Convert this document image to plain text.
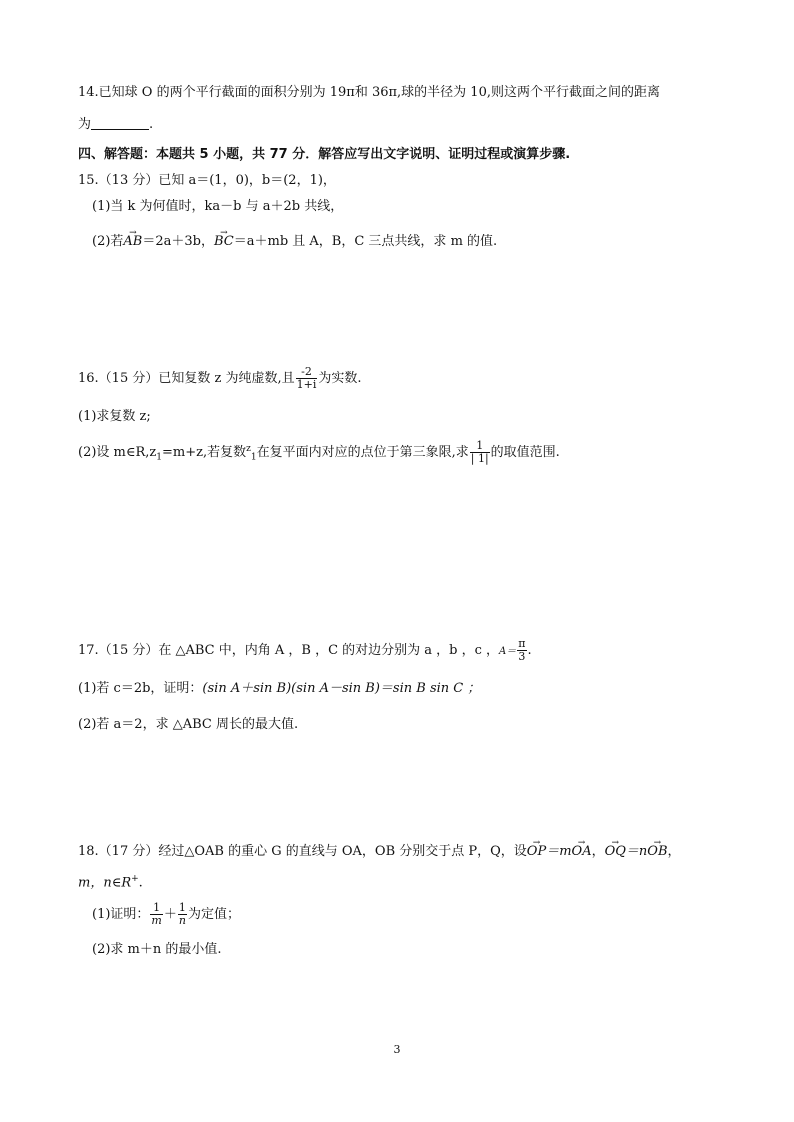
14.已知球 O 的两个平行截面的面积分别为 19π和 36π,球的半径为 10,则这两个平行截面之间的距离
为	.
四、解答题：本题共 5 小题，共 77 分．解答应写出文字说明、证明过程或演算步骤.
15.（13 分）已知 a＝(1，0)，b＝(2，1)，
(1)当 k 为何值时，ka－b 与 a＋2b 共线，
(2)若→ AB＝2a＋3b，→ BC＝a＋mb 且 A，B，C 三点共线，求 m 的值.
16.（15 分）已知复数 z 为纯虚数,且 $\frac{-2}{1+i}$ 为实数.
(1)求复数 z;
(2)设 $m\in R,z_1=m+z$,若复数$^z_1$在复平面内对应的点位于第三象限,求 $\frac{1}{| 1|}$ 的取值范围.
17.（15 分）在 △ABC 中，内角 A ，B ，C 的对边分别为 a ，b ，c ，$A= \frac{\pi}{3}$ .
(1)若 c＝2b，证明：(sin A＋sin B)(sin A－sin B)＝sin B sin C ；
(2)若 a＝2，求 △ABC 周长的最大值.
18.（17 分）经过△OAB 的重心 G 的直线与 OA，OB 分别交于点 P，Q，设→ OP＝m→ OA，→ OQ＝n→ OB，
m，n∈R+.
(1)证明： $\frac{1}{m} + \frac{1}{n}$ 为定值；
(2)求 m＋n 的最小值.
3
